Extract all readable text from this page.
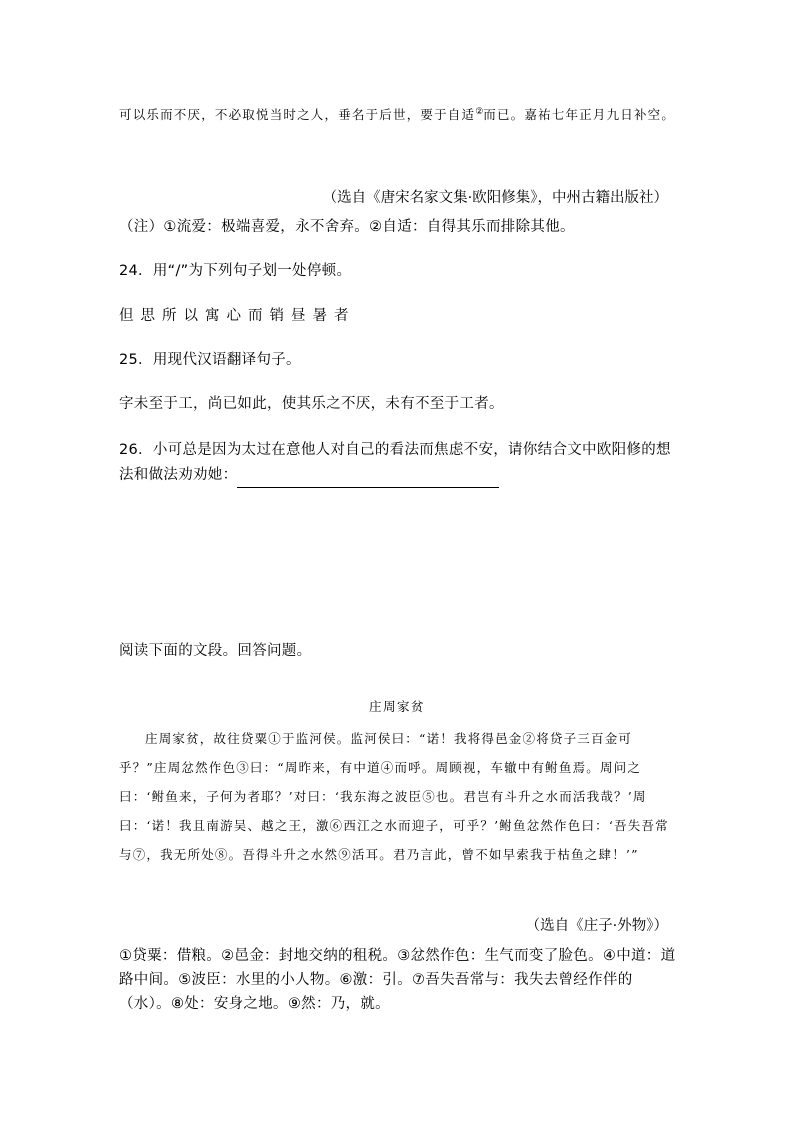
可以乐而不厌，不必取悦当时之人，垂名于后世，要于自适②而已。嘉祐七年正月九日补空。

（选自《唐宋名家文集·欧阳修集》，中州古籍出版社）

（注）①流爱：极端喜爱，永不舍弃。②自适：自得其乐而排除其他。

24．用“/”为下列句子划一处停顿。

但思所以寓心而销昼暑者

25．用现代汉语翻译句子。

字未至于工，尚已如此，使其乐之不厌，未有不至于工者。

26．小可总是因为太过在意他人对自己的看法而焦虑不安，请你结合文中欧阳修的想法和做法劝劝她：

阅读下面的文段。回答问题。

庄周家贫

庄周家贫，故往贷粟①于监河侯。监河侯曰：“诺！我将得邑金②将贷子三百金可乎？”庄周忿然作色③曰：“周昨来，有中道④而呼。周顾视，车辙中有鲋鱼焉。周问之曰：‘鲋鱼来，子何为者耶？’对曰：‘我东海之波臣⑤也。君岂有斗升之水而活我哉？’周曰：‘诺！我且南游吴、越之王，激⑥西江之水而迎子，可乎？’鲋鱼忿然作色曰：‘吾失吾常与⑦，我无所处⑧。吾得斗升之水然⑨活耳。君乃言此，曾不如早索我于枯鱼之肆！’”

（选自《庄子·外物》）

①贷粟：借粮。②邑金：封地交纳的租税。③忿然作色：生气而变了脸色。④中道：道路中间。⑤波臣：水里的小人物。⑥激：引。⑦吾失吾常与：我失去曾经作伴的（水）。⑧处：安身之地。⑨然：乃，就。
